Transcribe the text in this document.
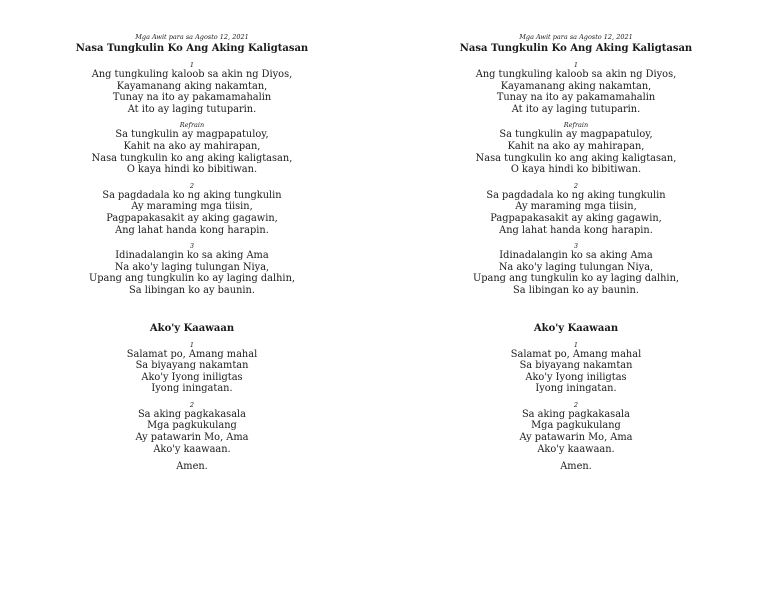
Mga Awit para sa Agosto 12, 2021

Nasa Tungkulin Ko Ang Aking Kaligtasan

1

Ang tungkuling kaloob sa akin ng Diyos,

Kayamanang aking nakamtan,

Tunay na ito ay pakamamahalin

At ito ay laging tutuparin.

Refrain

Sa tungkulin ay magpapatuloy,

Kahit na ako ay mahirapan,

Nasa tungkulin ko ang aking kaligtasan,

O kaya hindi ko bibitiwan.

2

Sa pagdadala ko ng aking tungkulin

Ay maraming mga tiisin,

Pagpapakasakit ay aking gagawin,

Ang lahat handa kong harapin.

3

Idinadalangin ko sa aking Ama

Na ako'y laging tulungan Niya,

Upang ang tungkulin ko ay laging dalhin,

Sa libingan ko ay baunin.

Ako'y Kaawaan

1

Salamat po, Amang mahal

Sa biyayang nakamtan

Ako'y Iyong iniligtas

Iyong iningatan.

2

Sa aking pagkakasala

Mga pagkukulang

Ay patawarin Mo, Ama

Ako'y kaawaan.

Amen.

Mga Awit para sa Agosto 12, 2021

Nasa Tungkulin Ko Ang Aking Kaligtasan

1

Ang tungkuling kaloob sa akin ng Diyos,

Kayamanang aking nakamtan,

Tunay na ito ay pakamamahalin

At ito ay laging tutuparin.

Refrain

Sa tungkulin ay magpapatuloy,

Kahit na ako ay mahirapan,

Nasa tungkulin ko ang aking kaligtasan,

O kaya hindi ko bibitiwan.

2

Sa pagdadala ko ng aking tungkulin

Ay maraming mga tiisin,

Pagpapakasakit ay aking gagawin,

Ang lahat handa kong harapin.

3

Idinadalangin ko sa aking Ama

Na ako'y laging tulungan Niya,

Upang ang tungkulin ko ay laging dalhin,

Sa libingan ko ay baunin.

Ako'y Kaawaan

1

Salamat po, Amang mahal

Sa biyayang nakamtan

Ako'y Iyong iniligtas

Iyong iningatan.

2

Sa aking pagkakasala

Mga pagkukulang

Ay patawarin Mo, Ama

Ako'y kaawaan.

Amen.
